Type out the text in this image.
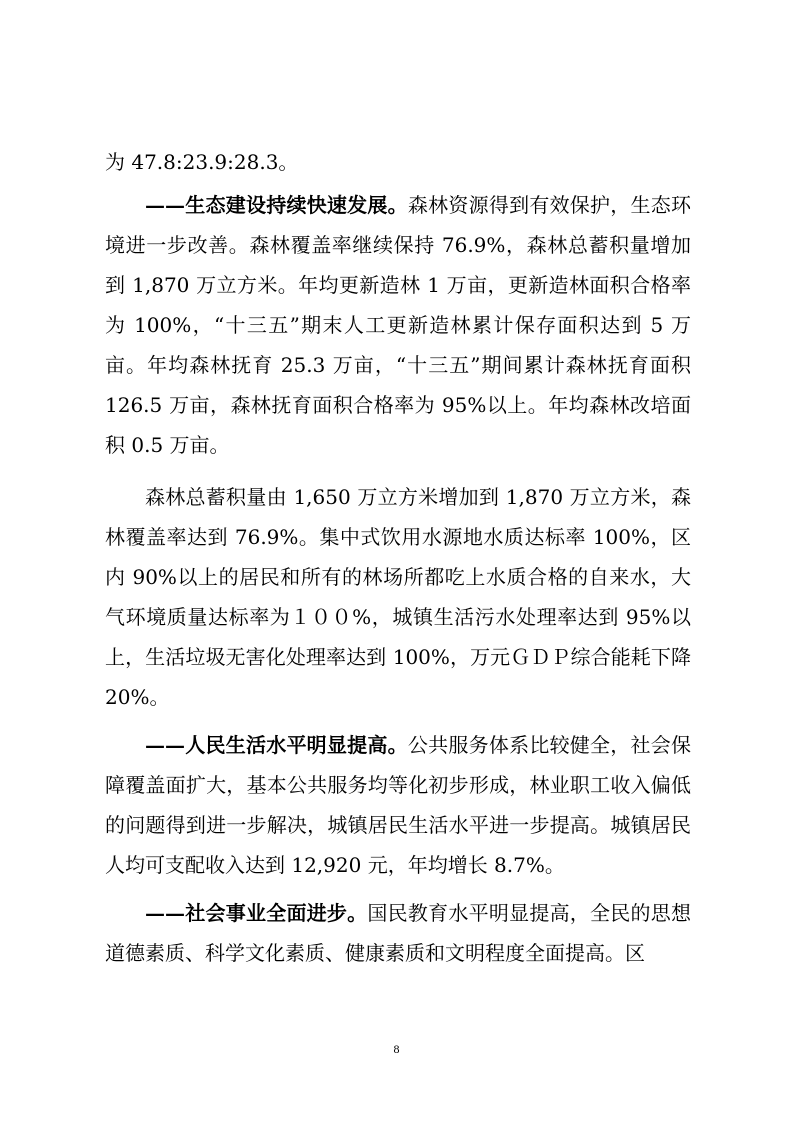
为 47.8:23.9:28.3。

——生态建设持续快速发展。森林资源得到有效保护，生态环境进一步改善。森林覆盖率继续保持 76.9%，森林总蓄积量增加到 1,870 万立方米。年均更新造林 1 万亩，更新造林面积合格率为 100%，“十三五”期末人工更新造林累计保存面积达到 5 万亩。年均森林抚育 25.3 万亩，“十三五”期间累计森林抚育面积 126.5 万亩，森林抚育面积合格率为 95%以上。年均森林改培面积 0.5 万亩。

森林总蓄积量由 1,650 万立方米增加到 1,870 万立方米，森林覆盖率达到 76.9%。集中式饮用水源地水质达标率 100%，区内 90%以上的居民和所有的林场所都吃上水质合格的自来水，大气环境质量达标率为１００%，城镇生活污水处理率达到 95%以上，生活垃圾无害化处理率达到 100%，万元ＧＤＰ综合能耗下降 20%。

——人民生活水平明显提高。公共服务体系比较健全，社会保障覆盖面扩大，基本公共服务均等化初步形成，林业职工收入偏低的问题得到进一步解决，城镇居民生活水平进一步提高。城镇居民人均可支配收入达到 12,920 元，年均增长 8.7%。

——社会事业全面进步。国民教育水平明显提高，全民的思想道德素质、科学文化素质、健康素质和文明程度全面提高。区

8
